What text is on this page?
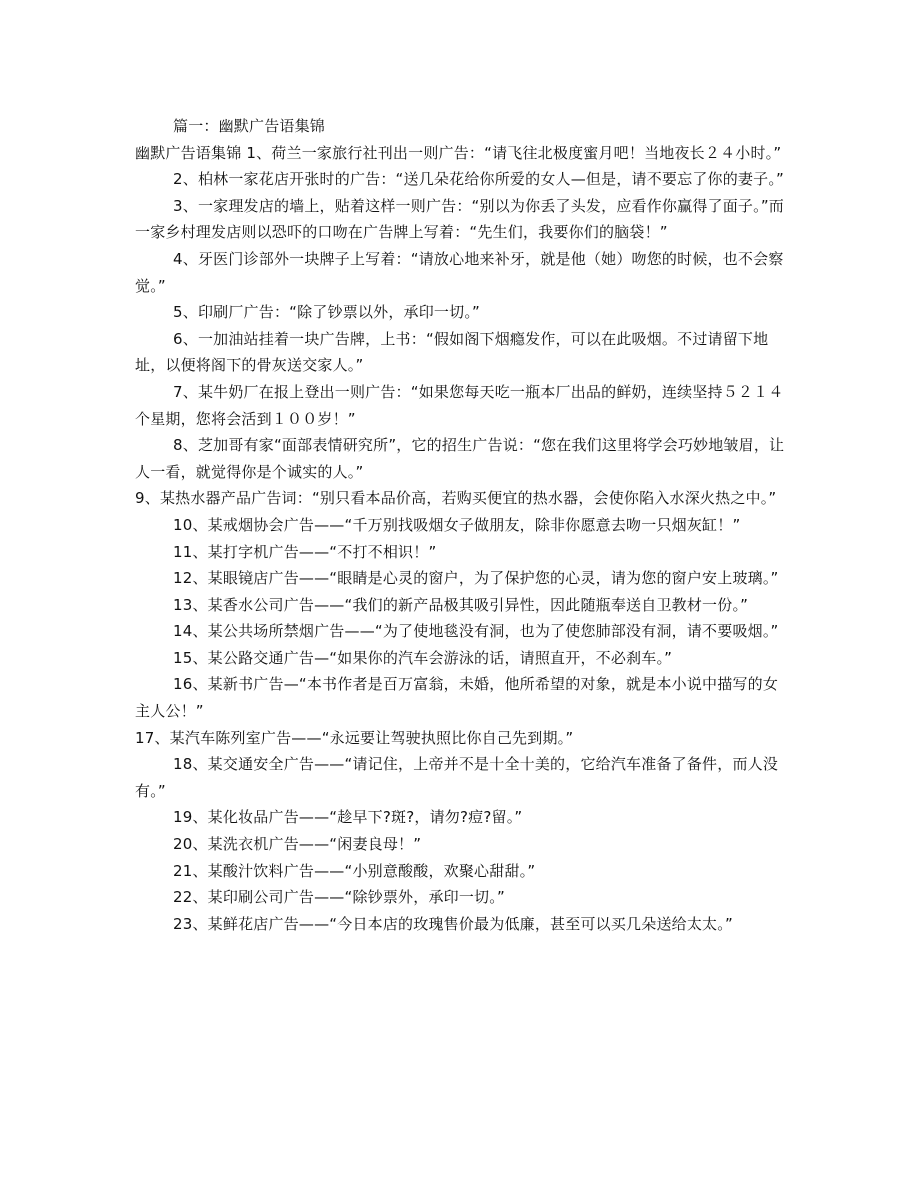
篇一：幽默广告语集锦

幽默广告语集锦 1、荷兰一家旅行社刊出一则广告：“请飞往北极度蜜月吧！当地夜长２４小时。”

2、柏林一家花店开张时的广告：“送几朵花给你所爱的女人—但是，请不要忘了你的妻子。”

3、一家理发店的墙上，贴着这样一则广告：“别以为你丢了头发，应看作你赢得了面子。”而一家乡村理发店则以恐吓的口吻在广告牌上写着：“先生们，我要你们的脑袋！”

4、牙医门诊部外一块牌子上写着：“请放心地来补牙，就是他（她）吻您的时候，也不会察觉。”

5、印刷厂广告：“除了钞票以外，承印一切。”

6、一加油站挂着一块广告牌，上书：“假如阁下烟瘾发作，可以在此吸烟。不过请留下地址，以便将阁下的骨灰送交家人。”

7、某牛奶厂在报上登出一则广告：“如果您每天吃一瓶本厂出品的鲜奶，连续坚持５２１４个星期，您将会活到１００岁！”

8、芝加哥有家“面部表情研究所”，它的招生广告说：“您在我们这里将学会巧妙地皱眉，让人一看，就觉得你是个诚实的人。”

9、某热水器产品广告词：“别只看本品价高，若购买便宜的热水器，会使你陷入水深火热之中。”

10、某戒烟协会广告——“千万别找吸烟女子做朋友，除非你愿意去吻一只烟灰缸！”

11、某打字机广告——“不打不相识！”

12、某眼镜店广告——“眼睛是心灵的窗户，为了保护您的心灵，请为您的窗户安上玻璃。”

13、某香水公司广告——“我们的新产品极其吸引异性，因此随瓶奉送自卫教材一份。”

14、某公共场所禁烟广告——“为了使地毯没有洞，也为了使您肺部没有洞，请不要吸烟。”

15、某公路交通广告—“如果你的汽车会游泳的话，请照直开，不必刹车。”

16、某新书广告—“本书作者是百万富翁，未婚，他所希望的对象，就是本小说中描写的女主人公！”

17、某汽车陈列室广告——“永远要让驾驶执照比你自己先到期。”

18、某交通安全广告——“请记住，上帝并不是十全十美的，它给汽车准备了备件，而人没有。”

19、某化妆品广告——“趁早下?斑?，请勿?痘?留。”

20、某洗衣机广告——“闲妻良母！”

21、某酸汁饮料广告——“小别意酸酸，欢聚心甜甜。”

22、某印刷公司广告——“除钞票外，承印一切。”

23、某鲜花店广告——“今日本店的玫瑰售价最为低廉，甚至可以买几朵送给太太。”
